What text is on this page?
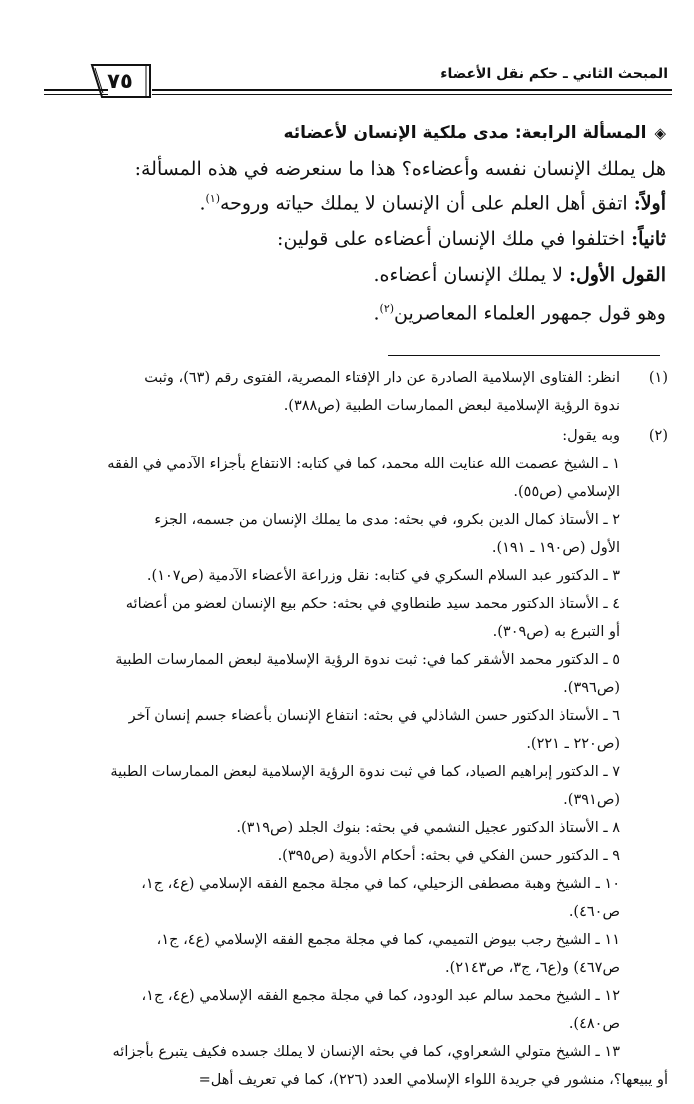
المبحث الثاني ـ حكم نقل الأعضاء
٧٥
◈المسألة الرابعة: مدى ملكية الإنسان لأعضائه
هل يملك الإنسان نفسه وأعضاءه؟ هذا ما سنعرضه في هذه المسألة:
أولاً: اتفق أهل العلم على أن الإنسان لا يملك حياته وروحه$^{(١)}$.
ثانياً: اختلفوا في ملك الإنسان أعضاءه على قولين:
القول الأول: لا يملك الإنسان أعضاءه.
وهو قول جمهور العلماء المعاصرين$^{(٢)}$.
(١)
انظر: الفتاوى الإسلامية الصادرة عن دار الإفتاء المصرية، الفتوى رقم (٦٣)، وثبت
ندوة الرؤية الإسلامية لبعض الممارسات الطبية (ص٣٨٨).
(٢)
وبه يقول:
١ ـ الشيخ عصمت الله عنايت الله محمد، كما في كتابه: الانتفاع بأجزاء الآدمي في الفقه
الإسلامي (ص٥٥).
٢ ـ الأستاذ كمال الدين بكرو، في بحثه: مدى ما يملك الإنسان من جسمه، الجزء
الأول (ص١٩٠ ـ ١٩١).
٣ ـ الدكتور عبد السلام السكري في كتابه: نقل وزراعة الأعضاء الآدمية (ص١٠٧).
٤ ـ الأستاذ الدكتور محمد سيد طنطاوي في بحثه: حكم بيع الإنسان لعضو من أعضائه
أو التبرع به (ص٣٠٩).
٥ ـ الدكتور محمد الأشقر كما في: ثبت ندوة الرؤية الإسلامية لبعض الممارسات الطبية
(ص٣٩٦).
٦ ـ الأستاذ الدكتور حسن الشاذلي في بحثه: انتفاع الإنسان بأعضاء جسم إنسان آخر
(ص٢٢٠ ـ ٢٢١).
٧ ـ الدكتور إبراهيم الصياد، كما في ثبت ندوة الرؤية الإسلامية لبعض الممارسات الطبية
(ص٣٩١).
٨ ـ الأستاذ الدكتور عجيل النشمي في بحثه: بنوك الجلد (ص٣١٩).
٩ ـ الدكتور حسن الفكي في بحثه: أحكام الأدوية (ص٣٩٥).
١٠ ـ الشيخ وهبة مصطفى الزحيلي، كما في مجلة مجمع الفقه الإسلامي (ع٤، ج١،
ص٤٦٠).
١١ ـ الشيخ رجب بيوض التميمي، كما في مجلة مجمع الفقه الإسلامي (ع٤، ج١،
ص٤٦٧) و(ع٦، ج٣، ص٢١٤٣).
١٢ ـ الشيخ محمد سالم عبد الودود، كما في مجلة مجمع الفقه الإسلامي (ع٤، ج١،
ص٤٨٠).
١٣ ـ الشيخ متولي الشعراوي، كما في بحثه الإنسان لا يملك جسده فكيف يتبرع بأجزائه
أو يبيعها؟، منشور في جريدة اللواء الإسلامي العدد (٢٢٦)، كما في تعريف أهل=
